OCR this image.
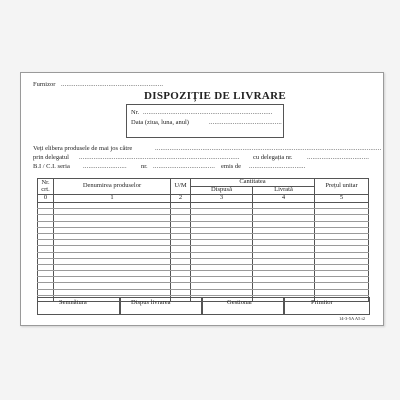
Furnizor ........................................................
DISPOZIȚIE DE LIVRARE
Nr. .......................................................................
Data (ziua, luna, anul)	........................................
Veți elibera produsele de mai jos către	............................................................................................................................
prin delegatul ........................................................................................	cu delegația nr. ..................................
B.I / C.I. seria ........................	nr. .................................. emis de ...............................
Nr. crt.	Denumirea produselor	U/M	Cantitatea		Prețul unitar
			Dispusă	Livrată	
0	1	2	3	4	5

Semnătura	Dispus livrarea	Gestionar	Primitor
14-3-5A A5 t2
